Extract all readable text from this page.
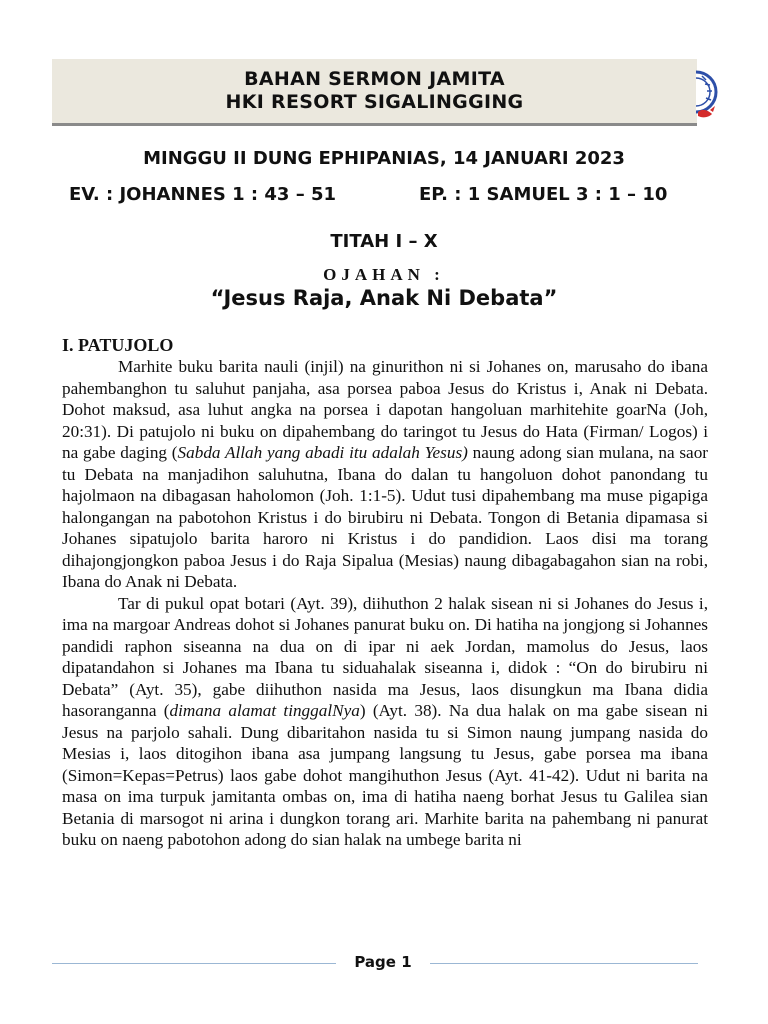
BAHAN SERMON JAMITA
HKI RESORT SIGALINGGING
MINGGU II DUNG EPHIPANIAS, 14 JANUARI 2023
EV. : JOHANNES 1 : 43 – 51	EP. : 1 SAMUEL 3 : 1 – 10
TITAH I – X
OJAHAN :
“Jesus Raja, Anak Ni Debata”
I. PATUJOLO

Marhite buku barita nauli (injil) na ginurithon ni si Johanes on, marusaho do ibana pahembanghon tu saluhut panjaha, asa porsea paboa Jesus do Kristus i, Anak ni Debata. Dohot maksud, asa luhut angka na porsea i dapotan hangoluan marhitehite goarNa (Joh, 20:31). Di patujolo ni buku on dipahembang do taringot tu Jesus do Hata (Firman/ Logos) i na gabe daging (Sabda Allah yang abadi itu adalah Yesus) naung adong sian mulana, na saor tu Debata na manjadihon saluhutna, Ibana do dalan tu hangoluon dohot panondang tu hajolmaon na dibagasan haholomon (Joh. 1:1-5). Udut tusi dipahembang ma muse pigapiga halongangan na pabotohon Kristus i do birubiru ni Debata. Tongon di Betania dipamasa si Johanes sipatujolo barita haroro ni Kristus i do pandidion. Laos disi ma torang dihajongjongkon paboa Jesus i do Raja Sipalua (Mesias) naung dibagabagahon sian na robi, Ibana do Anak ni Debata.

Tar di pukul opat botari (Ayt. 39), diihuthon 2 halak sisean ni si Johanes do Jesus i, ima na margoar Andreas dohot si Johanes panurat buku on. Di hatiha na jongjong si Johannes pandidi raphon siseanna na dua on di ipar ni aek Jordan, mamolus do Jesus, laos dipatandahon si Johanes ma Ibana tu siduahalak siseanna i, didok : “On do birubiru ni Debata” (Ayt. 35), gabe diihuthon nasida ma Jesus, laos disungkun ma Ibana didia hasoranganna (dimana alamat tinggalNya) (Ayt. 38). Na dua halak on ma gabe sisean ni Jesus na parjolo sahali. Dung dibaritahon nasida tu si Simon naung jumpang nasida do Mesias i, laos ditogihon ibana asa jumpang langsung tu Jesus, gabe porsea ma ibana (Simon=Kepas=Petrus) laos gabe dohot mangihuthon Jesus (Ayt. 41-42). Udut ni barita na masa on ima turpuk jamitanta ombas on, ima di hatiha naeng borhat Jesus tu Galilea sian Betania di marsogot ni arina i dungkon torang ari. Marhite barita na pahembang ni panurat buku on naeng pabotohon adong do sian halak na umbege barita ni

Page 1
